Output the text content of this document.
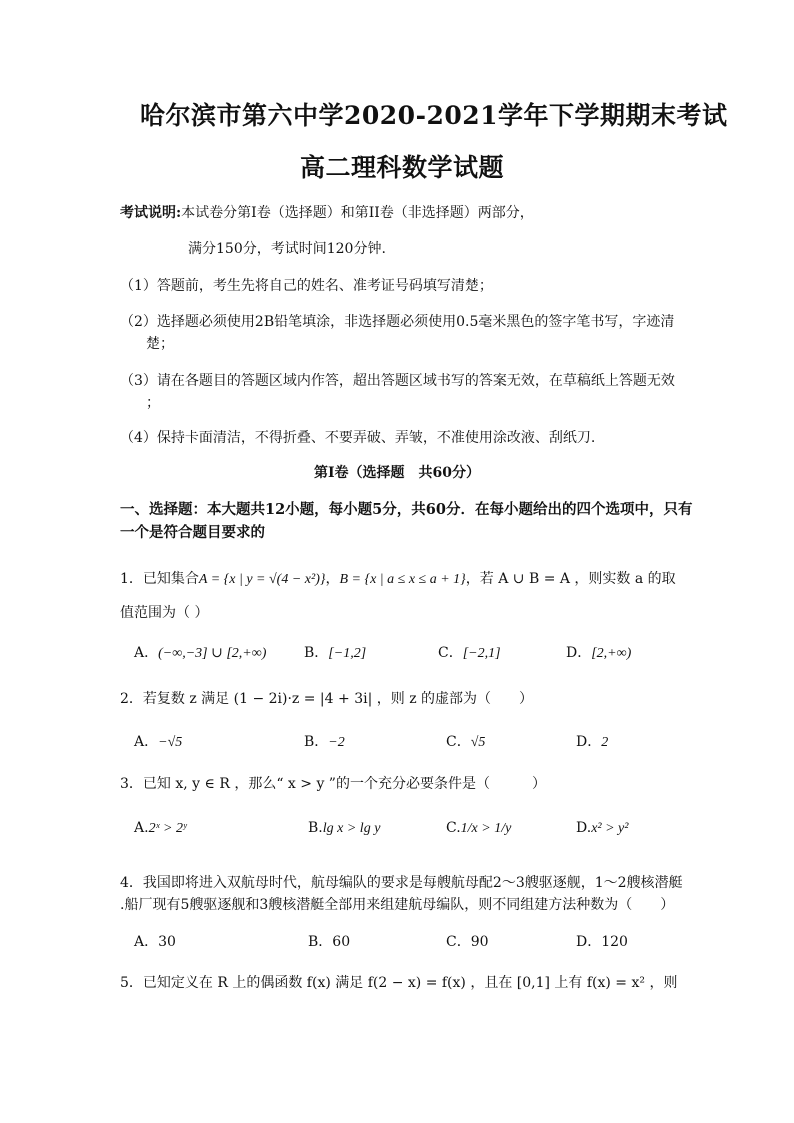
哈尔滨市第六中学2020-2021学年下学期期末考试
高二理科数学试题
考试说明:本试卷分第I卷（选择题）和第II卷（非选择题）两部分，
满分150分，考试时间120分钟.
（1）答题前，考生先将自己的姓名、准考证号码填写清楚；
（2）选择题必须使用2B铅笔填涂，非选择题必须使用0.5毫米黑色的签字笔书写，字迹清
楚；
（3）请在各题目的答题区域内作答，超出答题区域书写的答案无效，在草稿纸上答题无效
；
（4）保持卡面清洁，不得折叠、不要弄破、弄皱，不准使用涂改液、刮纸刀.
第Ⅰ卷（选择题　共60分）
一、选择题：本大题共12小题，每小题5分，共60分．在每小题给出的四个选项中，只有
一个是符合题目要求的
1．已知集合A = {x | y = √(4 − x²)}，B = {x | a ≤ x ≤ a + 1}，若 A ∪ B = A ，则实数 a 的取
值范围为（ ）
A．(−∞,−3] ∪ [2,+∞)	B．[−1,2]	C．[−2,1]	D．[2,+∞)
2．若复数 z 满足 (1 − 2i)·z = |4 + 3i| ，则 z 的虚部为（　　）
A．−√5	B．−2	C．√5	D．2
3．已知 x, y ∈ R ，那么“ x > y ”的一个充分必要条件是（　　　）
A.2ˣ > 2ʸ	B.lg x > lg y	C.1/x > 1/y	D.x² > y²
4．我国即将进入双航母时代，航母编队的要求是每艘航母配2～3艘驱逐舰，1～2艘核潜艇
.船厂现有5艘驱逐舰和3艘核潜艇全部用来组建航母编队，则不同组建方法种数为（　　）
A．30	B．60	C．90	D．120
5．已知定义在 R 上的偶函数 f(x) 满足 f(2 − x) = f(x) ，且在 [0,1] 上有 f(x) = x² ，则
